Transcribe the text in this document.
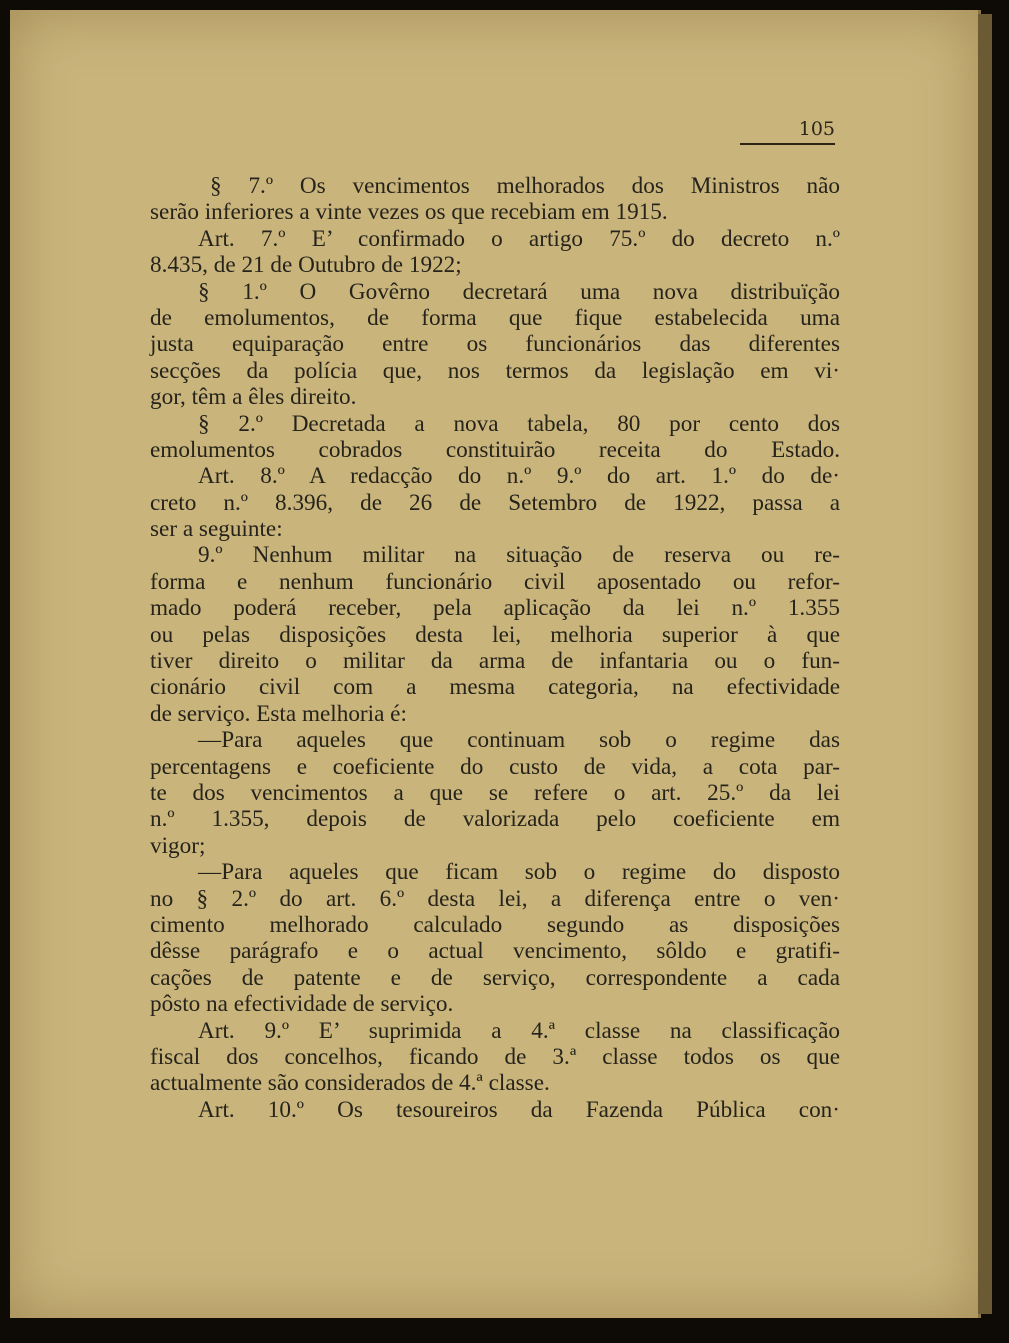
105
§ 7.º Os vencimentos melhorados dos Ministros não
serão inferiores a vinte vezes os que recebiam em 1915.
Art. 7.º E’ confirmado o artigo 75.º do decreto n.º
8.435, de 21 de Outubro de 1922;
§ 1.º O Govêrno decretará uma nova distribuïção
de emolumentos, de forma que fique estabelecida uma
justa equiparação entre os funcionários das diferentes
secções da polícia que, nos termos da legislação em vi·
gor, têm a êles direito.
§ 2.º Decretada a nova tabela, 80 por cento dos
emolumentos cobrados constituirão receita do Estado.
Art. 8.º A redacção do n.º 9.º do art. 1.º do de·
creto n.º 8.396, de 26 de Setembro de 1922, passa a
ser a seguinte:
9.º Nenhum militar na situação de reserva ou re-
forma e nenhum funcionário civil aposentado ou refor-
mado poderá receber, pela aplicação da lei n.º 1.355
ou pelas disposições desta lei, melhoria superior à que
tiver direito o militar da arma de infantaria ou o fun-
cionário civil com a mesma categoria, na efectividade
de serviço. Esta melhoria é:
—Para aqueles que continuam sob o regime das
percentagens e coeficiente do custo de vida, a cota par-
te dos vencimentos a que se refere o art. 25.º da lei
n.º 1.355, depois de valorizada pelo coeficiente em
vigor;
—Para aqueles que ficam sob o regime do disposto
no § 2.º do art. 6.º desta lei, a diferença entre o ven·
cimento melhorado calculado segundo as disposições
dêsse parágrafo e o actual vencimento, sôldo e gratifi-
cações de patente e de serviço, correspondente a cada
pôsto na efectividade de serviço.
Art. 9.º E’ suprimida a 4.ª classe na classificação
fiscal dos concelhos, ficando de 3.ª classe todos os que
actualmente são considerados de 4.ª classe.
Art. 10.º Os tesoureiros da Fazenda Pública con·
